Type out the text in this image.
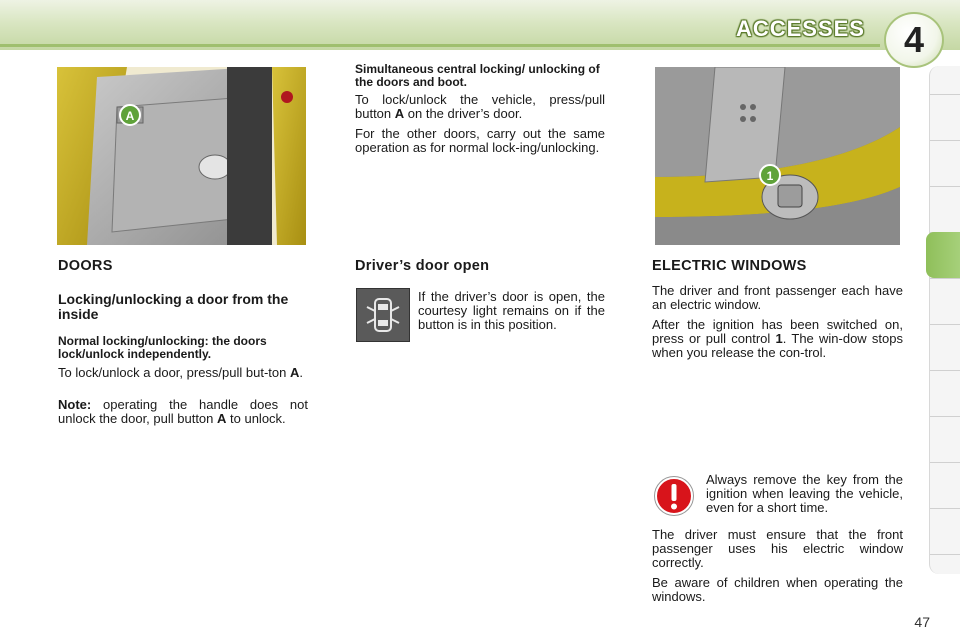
ACCESSES	4
A
1
DOORS
Locking/unlocking a door from the inside
Normal locking/unlocking: the doors lock/unlock independently.

To lock/unlock a door, press/pull but-ton A.

Note: operating the handle does not unlock the door, pull button A to unlock.

Simultaneous central locking/ unlocking of the doors and boot.

To lock/unlock the vehicle, press/pull button A on the driver’s door.

For the other doors, carry out the same operation as for normal lock-ing/unlocking.

Driver’s door open

If the driver’s door is open, the courtesy light remains on if the button is in this position.

ELECTRIC WINDOWS

The driver and front passenger each have an electric window.

After the ignition has been switched on, press or pull control 1. The win-dow stops when you release the con-trol.

Always remove the key from the ignition when leaving the vehicle, even for a short time.

The driver must ensure that the front passenger uses his electric window correctly.

Be aware of children when operating the windows.

47
